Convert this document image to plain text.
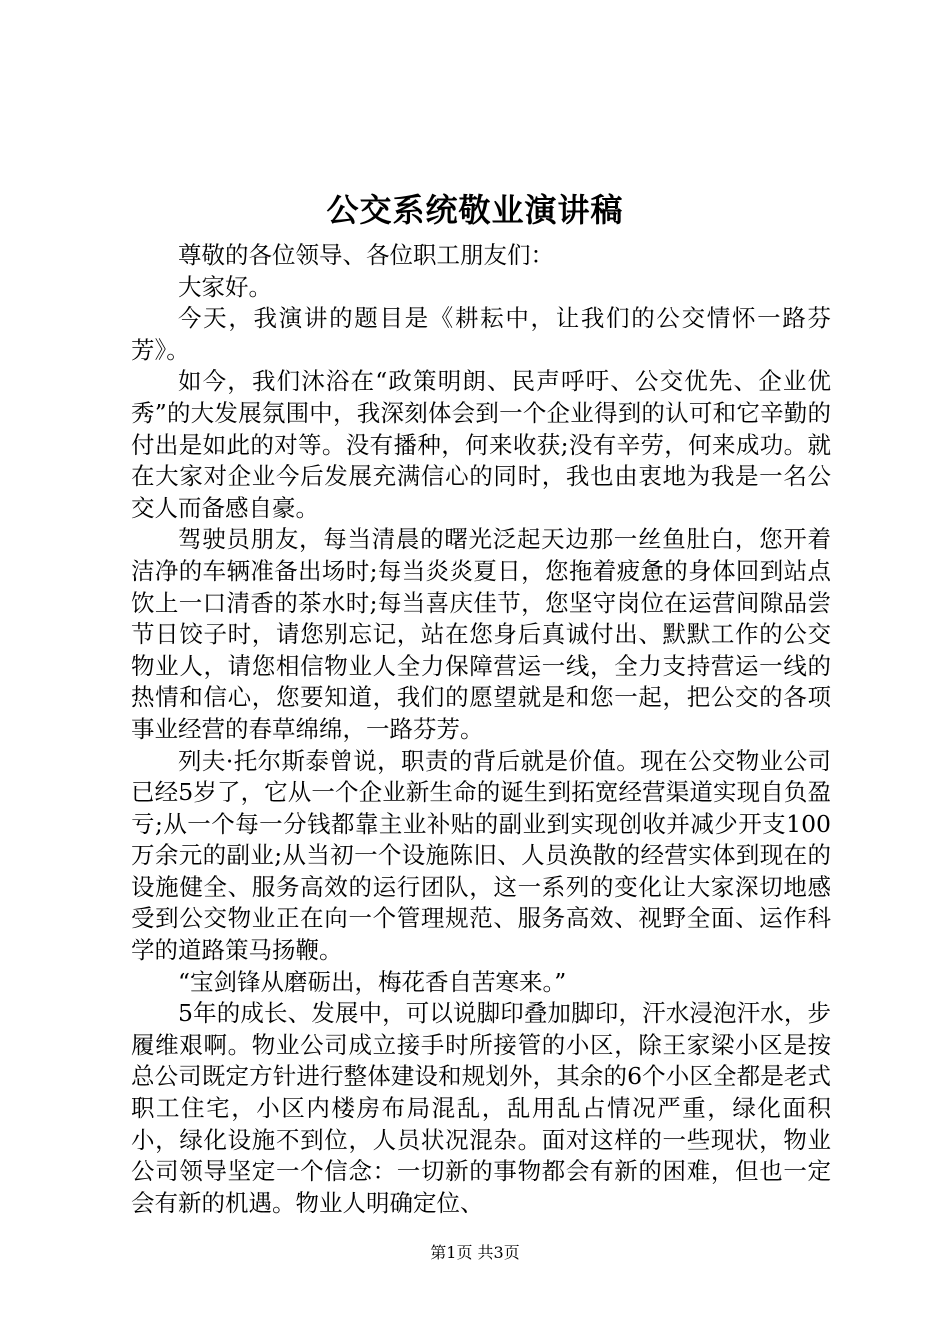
公交系统敬业演讲稿

尊敬的各位领导、各位职工朋友们：

大家好。

今天，我演讲的题目是《耕耘中，让我们的公交情怀一路芬芳》。

如今，我们沐浴在“政策明朗、民声呼吁、公交优先、企业优秀”的大发展氛围中，我深刻体会到一个企业得到的认可和它辛勤的付出是如此的对等。没有播种，何来收获;没有辛劳，何来成功。就在大家对企业今后发展充满信心的同时，我也由衷地为我是一名公交人而备感自豪。

驾驶员朋友，每当清晨的曙光泛起天边那一丝鱼肚白，您开着洁净的车辆准备出场时;每当炎炎夏日，您拖着疲惫的身体回到站点饮上一口清香的茶水时;每当喜庆佳节，您坚守岗位在运营间隙品尝节日饺子时，请您别忘记，站在您身后真诚付出、默默工作的公交物业人，请您相信物业人全力保障营运一线，全力支持营运一线的热情和信心，您要知道，我们的愿望就是和您一起，把公交的各项事业经营的春草绵绵，一路芬芳。

列夫·托尔斯泰曾说，职责的背后就是价值。现在公交物业公司已经5岁了，它从一个企业新生命的诞生到拓宽经营渠道实现自负盈亏;从一个每一分钱都靠主业补贴的副业到实现创收并减少开支100万余元的副业;从当初一个设施陈旧、人员涣散的经营实体到现在的设施健全、服务高效的运行团队，这一系列的变化让大家深切地感受到公交物业正在向一个管理规范、服务高效、视野全面、运作科学的道路策马扬鞭。

“宝剑锋从磨砺出，梅花香自苦寒来。”

5年的成长、发展中，可以说脚印叠加脚印，汗水浸泡汗水，步履维艰啊。物业公司成立接手时所接管的小区，除王家梁小区是按总公司既定方针进行整体建设和规划外，其余的6个小区全都是老式职工住宅，小区内楼房布局混乱，乱用乱占情况严重，绿化面积小，绿化设施不到位，人员状况混杂。面对这样的一些现状，物业公司领导坚定一个信念：一切新的事物都会有新的困难，但也一定会有新的机遇。物业人明确定位、

第1页 共3页
